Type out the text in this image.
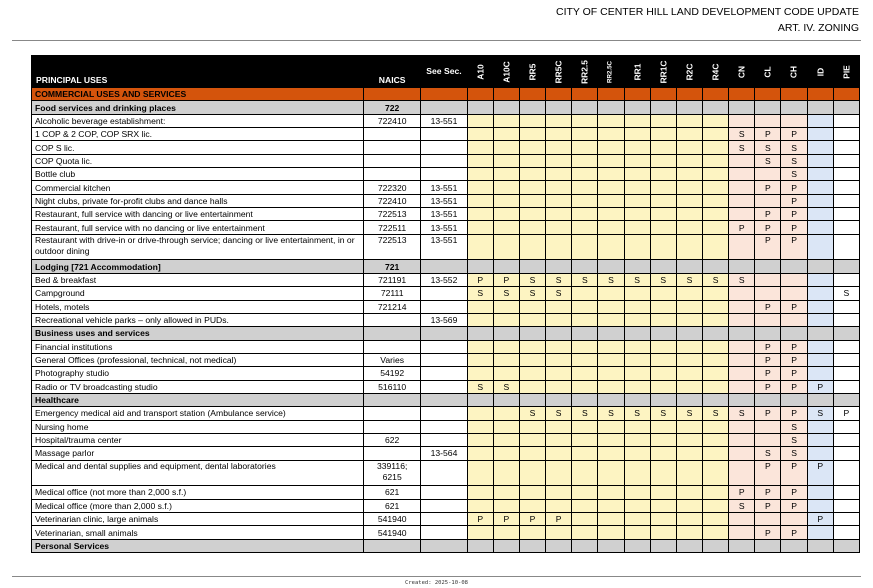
CITY OF CENTER HILL LAND DEVELOPMENT CODE UPDATE
ART. IV. ZONING
PRINCIPAL USES	NAICS	See Sec.	A10	A10C	RR5	RR5C	RR2.5	RR2.5C	RR1	RR1C	R2C	R4C	CN	CL	CH	ID	PIE

COMMERCIAL USES AND SERVICES																	
Food services and drinking places	722																
Alcoholic beverage establishment:	722410	13-551															
1 COP & 2 COP, COP SRX lic.													S	P	P		
COP S lic.													S	S	S		
COP Quota lic.														S	S		
Bottle club															S		
Commercial kitchen	722320	13-551												P	P		
Night clubs, private for-profit clubs and dance halls	722410	13-551													P		
Restaurant, full service with dancing or live entertainment	722513	13-551												P	P		
Restaurant, full service with no dancing or live entertainment	722511	13-551											P	P	P		
Restaurant with drive-in or drive-through service; dancing or live entertainment, in or outdoor dining	722513	13-551												P	P		
Lodging [721 Accommodation]	721																
Bed & breakfast	721191	13-552	P	P	S	S	S	S	S	S	S	S	S				
Campground	72111		S	S	S	S											S
Hotels, motels	721214													P	P		
Recreational vehicle parks – only allowed in PUDs.		13-569															
Business uses and services																	
Financial institutions														P	P		
General Offices (professional, technical, not medical)	Varies													P	P		
Photography studio	54192													P	P		
Radio or TV broadcasting studio	516110		S	S										P	P	P	
Healthcare																	
Emergency medical aid and transport station (Ambulance service)					S	S	S	S	S	S	S	S	S	P	P	S	P
Nursing home															S		
Hospital/trauma center	622														S		
Massage parlor		13-564												S	S		
Medical and dental supplies and equipment, dental laboratories	339116; 6215													P	P	P	
Medical office (not more than 2,000 s.f.)	621												P	P	P		
Medical office (more than 2,000 s.f.)	621												S	P	P		
Veterinarian clinic, large animals	541940		P	P	P	P										P	
Veterinarian, small animals	541940													P	P		
Personal Services																	
Created: 2025-10-08
